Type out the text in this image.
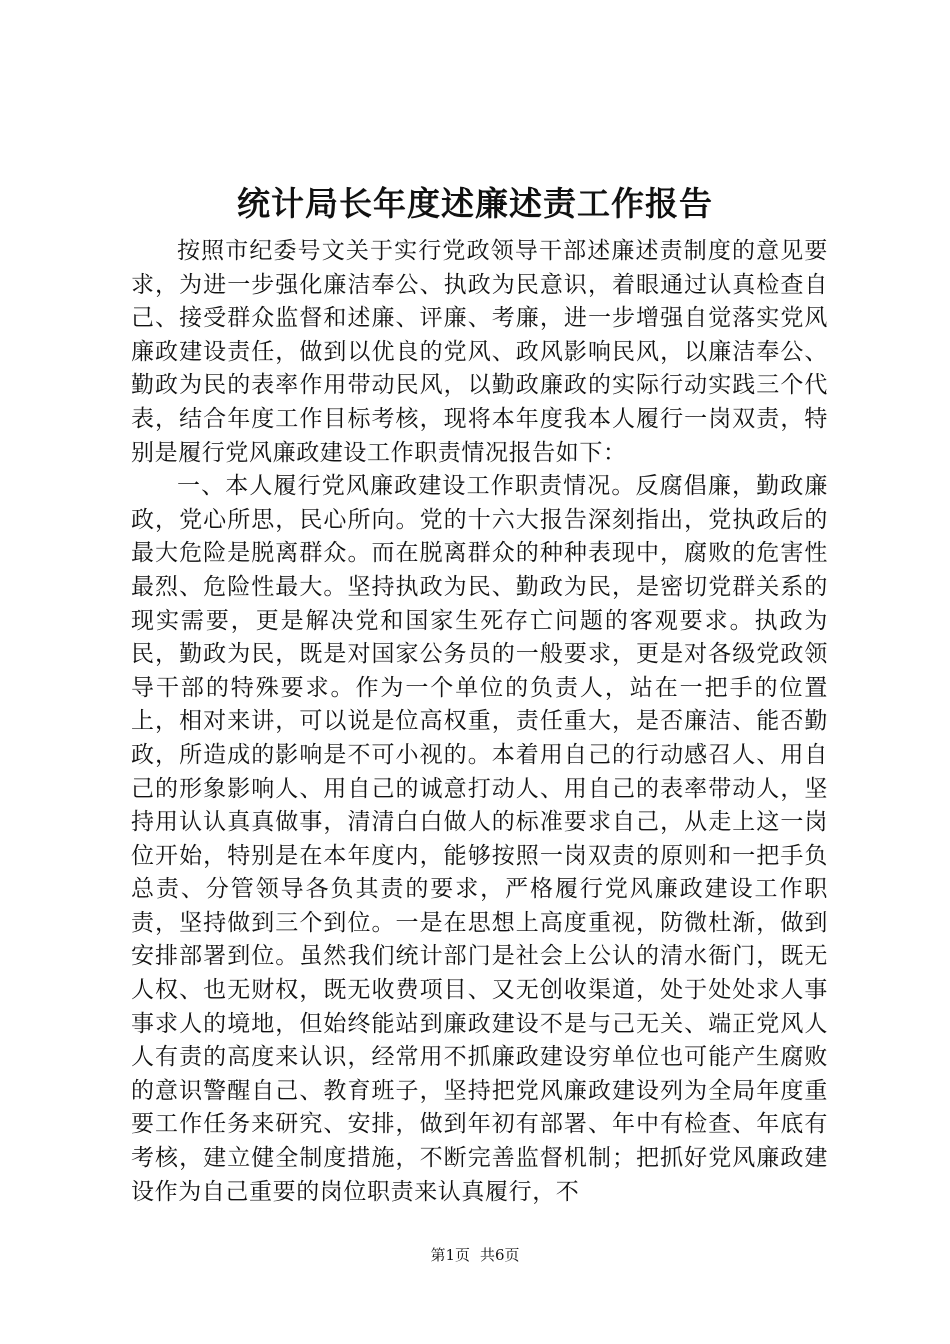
统计局长年度述廉述责工作报告

按照市纪委号文关于实行党政领导干部述廉述责制度的意见要求，为进一步强化廉洁奉公、执政为民意识，着眼通过认真检查自己、接受群众监督和述廉、评廉、考廉，进一步增强自觉落实党风廉政建设责任，做到以优良的党风、政风影响民风，以廉洁奉公、勤政为民的表率作用带动民风，以勤政廉政的实际行动实践三个代表，结合年度工作目标考核，现将本年度我本人履行一岗双责，特别是履行党风廉政建设工作职责情况报告如下：

一、本人履行党风廉政建设工作职责情况。反腐倡廉，勤政廉政，党心所思，民心所向。党的十六大报告深刻指出，党执政后的最大危险是脱离群众。而在脱离群众的种种表现中，腐败的危害性最烈、危险性最大。坚持执政为民、勤政为民，是密切党群关系的现实需要，更是解决党和国家生死存亡问题的客观要求。执政为民，勤政为民，既是对国家公务员的一般要求，更是对各级党政领导干部的特殊要求。作为一个单位的负责人，站在一把手的位置上，相对来讲，可以说是位高权重，责任重大，是否廉洁、能否勤政，所造成的影响是不可小视的。本着用自己的行动感召人、用自己的形象影响人、用自己的诚意打动人、用自己的表率带动人，坚持用认认真真做事，清清白白做人的标准要求自己，从走上这一岗位开始，特别是在本年度内，能够按照一岗双责的原则和一把手负总责、分管领导各负其责的要求，严格履行党风廉政建设工作职责，坚持做到三个到位。一是在思想上高度重视，防微杜渐，做到安排部署到位。虽然我们统计部门是社会上公认的清水衙门，既无人权、也无财权，既无收费项目、又无创收渠道，处于处处求人事事求人的境地，但始终能站到廉政建设不是与己无关、端正党风人人有责的高度来认识，经常用不抓廉政建设穷单位也可能产生腐败的意识警醒自己、教育班子，坚持把党风廉政建设列为全局年度重要工作任务来研究、安排，做到年初有部署、年中有检查、年底有考核，建立健全制度措施，不断完善监督机制；把抓好党风廉政建设作为自己重要的岗位职责来认真履行，不

第1页 共6页
